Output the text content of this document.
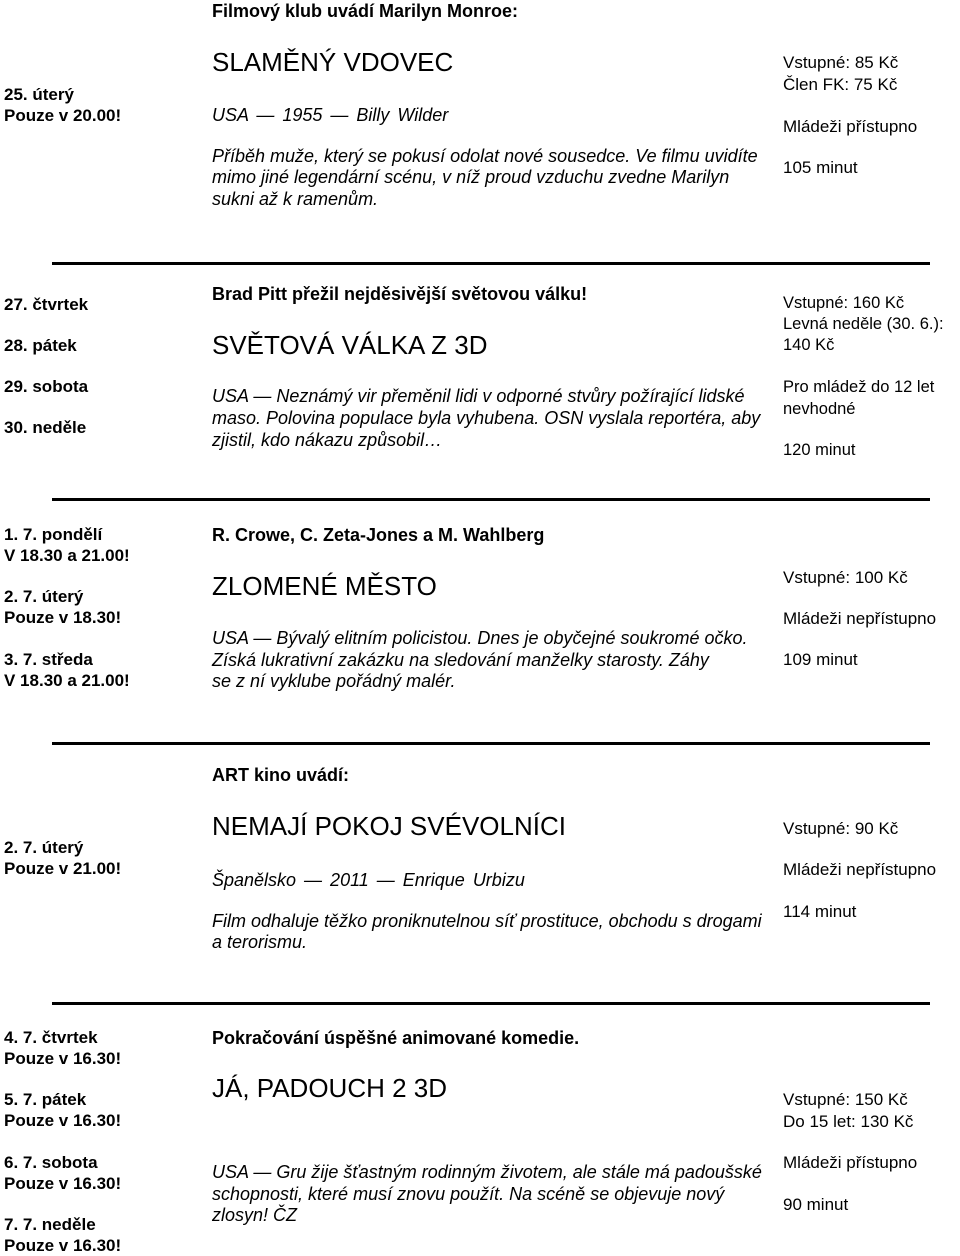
Filmový klub uvádí Marilyn Monroe:
25. úterý
Pouze v 20.00!
SLAMĚNÝ VDOVEC
USA — 1955 — Billy Wilder
Příběh muže, který se pokusí odolat nové sousedce. Ve filmu uvidíte
mimo jiné legendární scénu, v níž proud vzduchu zvedne Marilyn
sukni až k ramenům.
Vstupné: 85 Kč
Člen FK: 75 Kč
Mládeži přístupno
105 minut
27. čtvrtek
28. pátek
29. sobota
30. neděle
Brad Pitt přežil nejděsivější světovou válku!
SVĚTOVÁ VÁLKA Z 3D
USA — Neznámý vir přeměnil lidi v odporné stvůry požírající lidské
maso. Polovina populace byla vyhubena. OSN vyslala reportéra, aby
zjistil, kdo nákazu způsobil…
Vstupné: 160 Kč
Levná neděle (30. 6.):
140 Kč
Pro mládež do 12 let
nevhodné
120 minut
1. 7. pondělí
V 18.30 a 21.00!
2. 7. úterý
Pouze v 18.30!
3. 7. středa
V 18.30 a 21.00!
R. Crowe, C. Zeta-Jones a M. Wahlberg
ZLOMENÉ MĚSTO
USA — Bývalý elitním policistou. Dnes je obyčejné soukromé očko.
Získá lukrativní zakázku na sledování manželky starosty. Záhy
se z ní vyklube pořádný malér.
Vstupné: 100 Kč
Mládeži nepřístupno
109 minut
ART kino uvádí:
2. 7. úterý
Pouze v 21.00!
NEMAJÍ POKOJ SVÉVOLNÍCI
Španělsko — 2011 — Enrique Urbizu
Film odhaluje těžko proniknutelnou síť prostituce, obchodu s drogami
a terorismu.
Vstupné: 90 Kč
Mládeži nepřístupno
114 minut
4. 7. čtvrtek
Pouze v 16.30!
5. 7. pátek
Pouze v 16.30!
6. 7. sobota
Pouze v 16.30!
7. 7. neděle
Pouze v 16.30!
Pokračování úspěšné animované komedie.
JÁ, PADOUCH 2 3D
USA — Gru žije šťastným rodinným životem, ale stále má padoušské
schopnosti, které musí znovu použít. Na scéně se objevuje nový
zlosyn! ČZ
Vstupné: 150 Kč
Do 15 let: 130 Kč
Mládeži přístupno
90 minut
